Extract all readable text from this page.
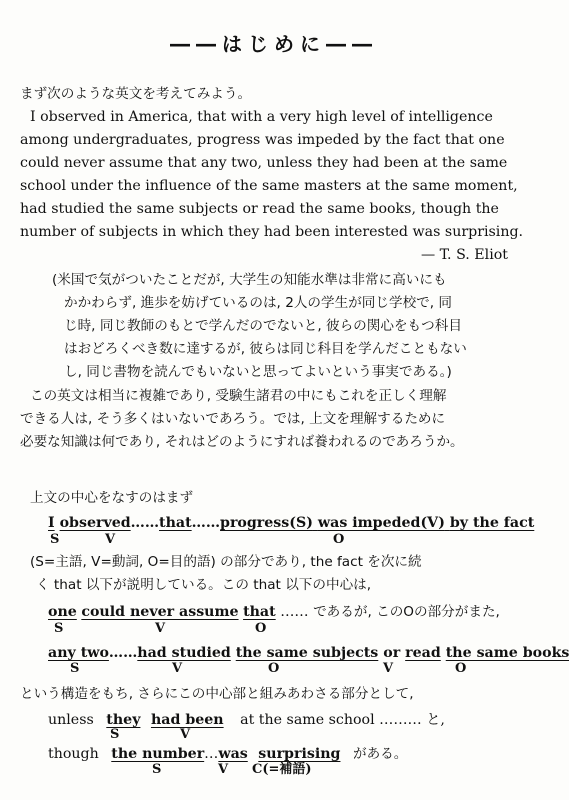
――はじめに――
まず次のような英文を考えてみよう。
I observed in America, that with a very high level of intelligence
among undergraduates, progress was impeded by the fact that one
could never assume that any two, unless they had been at the same
school under the influence of the same masters at the same moment,
had studied the same subjects or read the same books, though the
number of subjects in which they had been interested was surprising.
— T. S. Eliot
(米国で気がついたことだが, 大学生の知能水準は非常に高いにも
かかわらず, 進歩を妨げているのは, 2人の学生が同じ学校で, 同
じ時, 同じ教師のもとで学んだのでないと, 彼らの関心をもつ科目
はおどろくべき数に達するが, 彼らは同じ科目を学んだこともない
し, 同じ書物を読んでもいないと思ってよいという事実である。)
この英文は相当に複雑であり, 受験生諸君の中にもこれを正しく理解
できる人は, そう多くはいないであろう。では, 上文を理解するために
必要な知識は何であり, それはどのようにすれば養われるのであろうか。
上文の中心をなすのはまず
I observed……that……progress(S) was impeded(V) by the fact
S	V	O
(S=主語, V=動詞, O=目的語) の部分であり, the fact を次に続
く that 以下が説明している。この that 以下の中心は,
one could never assume that …… であるが, このOの部分がまた,
S	V	O
any two……had studied the same subjects or read the same books
S	V	O	V	O
という構造をもち, さらにこの中心部と組みあわさる部分として,
unless they had been at the same school ……… と,
S	V
though the number…was surprising がある。
S	V C(=補語)
